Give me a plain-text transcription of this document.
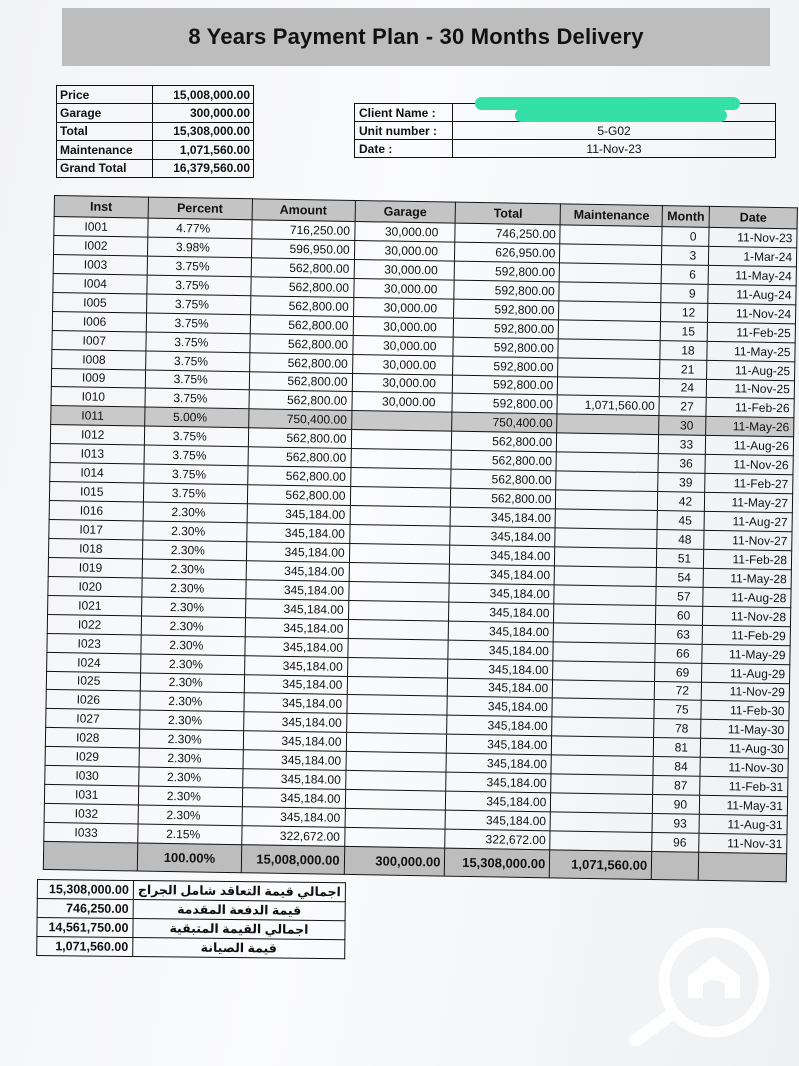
8 Years Payment Plan - 30 Months Delivery
Price	15,008,000.00
Garage	300,000.00
Total	15,308,000.00
Maintenance	1,071,560.00
Grand Total	16,379,560.00
Client Name :	
Unit number :	5-G02
Date :	11-Nov-23
Inst	Percent	Amount	Garage	Total	Maintenance	Month	Date
I001	4.77%	716,250.00	30,000.00	746,250.00		0	11-Nov-23
I002	3.98%	596,950.00	30,000.00	626,950.00		3	1-Mar-24
I003	3.75%	562,800.00	30,000.00	592,800.00		6	11-May-24
I004	3.75%	562,800.00	30,000.00	592,800.00		9	11-Aug-24
I005	3.75%	562,800.00	30,000.00	592,800.00		12	11-Nov-24
I006	3.75%	562,800.00	30,000.00	592,800.00		15	11-Feb-25
I007	3.75%	562,800.00	30,000.00	592,800.00		18	11-May-25
I008	3.75%	562,800.00	30,000.00	592,800.00		21	11-Aug-25
I009	3.75%	562,800.00	30,000.00	592,800.00		24	11-Nov-25
I010	3.75%	562,800.00	30,000.00	592,800.00	1,071,560.00	27	11-Feb-26
I011	5.00%	750,400.00		750,400.00		30	11-May-26
I012	3.75%	562,800.00		562,800.00		33	11-Aug-26
I013	3.75%	562,800.00		562,800.00		36	11-Nov-26
I014	3.75%	562,800.00		562,800.00		39	11-Feb-27
I015	3.75%	562,800.00		562,800.00		42	11-May-27
I016	2.30%	345,184.00		345,184.00		45	11-Aug-27
I017	2.30%	345,184.00		345,184.00		48	11-Nov-27
I018	2.30%	345,184.00		345,184.00		51	11-Feb-28
I019	2.30%	345,184.00		345,184.00		54	11-May-28
I020	2.30%	345,184.00		345,184.00		57	11-Aug-28
I021	2.30%	345,184.00		345,184.00		60	11-Nov-28
I022	2.30%	345,184.00		345,184.00		63	11-Feb-29
I023	2.30%	345,184.00		345,184.00		66	11-May-29
I024	2.30%	345,184.00		345,184.00		69	11-Aug-29
I025	2.30%	345,184.00		345,184.00		72	11-Nov-29
I026	2.30%	345,184.00		345,184.00		75	11-Feb-30
I027	2.30%	345,184.00		345,184.00		78	11-May-30
I028	2.30%	345,184.00		345,184.00		81	11-Aug-30
I029	2.30%	345,184.00		345,184.00		84	11-Nov-30
I030	2.30%	345,184.00		345,184.00		87	11-Feb-31
I031	2.30%	345,184.00		345,184.00		90	11-May-31
I032	2.30%	345,184.00		345,184.00		93	11-Aug-31
I033	2.15%	322,672.00		322,672.00		96	11-Nov-31
	100.00%	15,008,000.00	300,000.00	15,308,000.00	1,071,560.00		
15,308,000.00	اجمالي قيمة التعاقد شامل الجراج
746,250.00	قيمة الدفعة المقدمة
14,561,750.00	اجمالي القيمة المتبقية
1,071,560.00	قيمة الصيانة
